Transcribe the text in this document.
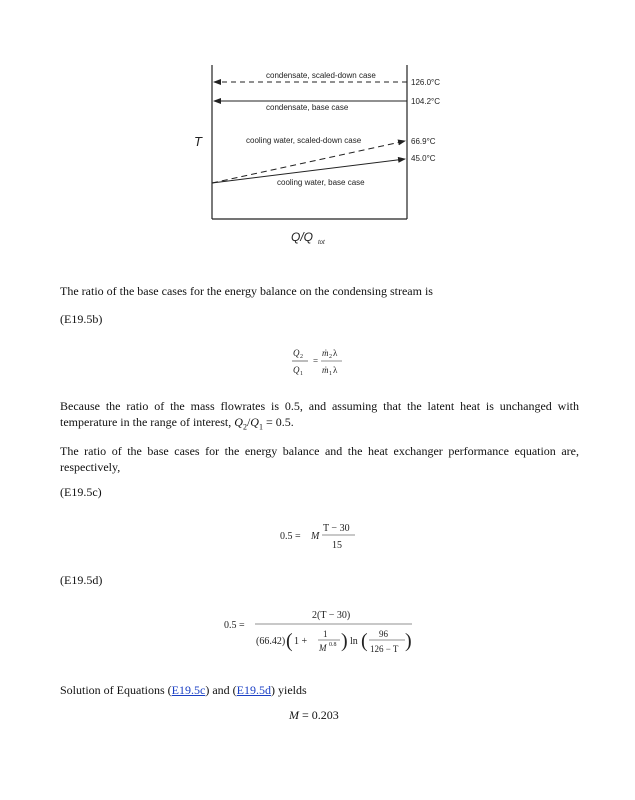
condensate, scaled-down case
condensate, base case
cooling water, scaled-down case
cooling water, base case
126.0°C
104.2°C
66.9°C
45.0°C
T
Q/Q tot
The ratio of the base cases for the energy balance on the condensing stream is
(E19.5b)
Q 2
Q 1
=
ṁ 2 λ
ṁ 1 λ
Because the ratio of the mass flowrates is 0.5, and assuming that the latent heat is unchanged with temperature in the range of interest, $Q_2/Q_1 = 0.5$.
The ratio of the base cases for the energy balance and the heat exchanger performance equation are, respectively,
(E19.5c)
0.5 = M
T − 30
15
(E19.5d)
0.5 =
2(T − 30)
(66.42) ( 1 +
1
M 0.8 ) ln ( 96
126 − T )
Solution of Equations (E19.5c) and (E19.5d) yields
M = 0.203
